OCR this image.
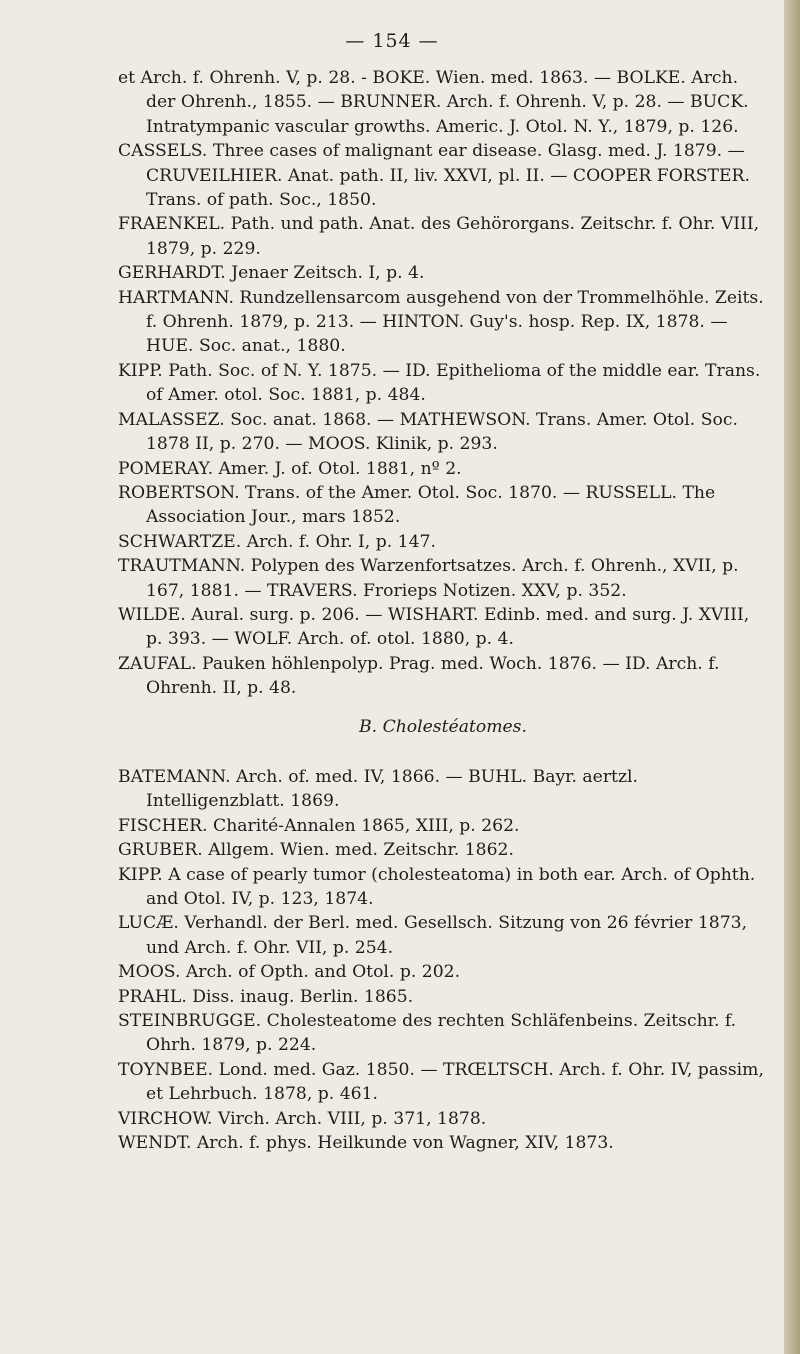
— 154 —
et Arch. f. Ohrenh. V, p. 28. - BOKE. Wien. med. 1863. — BOLKE. Arch. der Ohrenh., 1855. — BRUNNER. Arch. f. Ohrenh. V, p. 28. — BUCK. Intratympanic vascular growths. Americ. J. Otol. N. Y., 1879, p. 126.
CASSELS. Three cases of malignant ear disease. Glasg. med. J. 1879. — CRUVEILHIER. Anat. path. II, liv. XXVI, pl. II. — COOPER FORSTER. Trans. of path. Soc., 1850.
FRAENKEL. Path. und path. Anat. des Gehörorgans. Zeitschr. f. Ohr. VIII, 1879, p. 229.
GERHARDT. Jenaer Zeitsch. I, p. 4.
HARTMANN. Rundzellensarcom ausgehend von der Trommelhöhle. Zeits. f. Ohrenh. 1879, p. 213. — HINTON. Guy's. hosp. Rep. IX, 1878. — HUE. Soc. anat., 1880.
KIPP. Path. Soc. of N. Y. 1875. — ID. Epithelioma of the middle ear. Trans. of Amer. otol. Soc. 1881, p. 484.
MALASSEZ. Soc. anat. 1868. — MATHEWSON. Trans. Amer. Otol. Soc. 1878 II, p. 270. — MOOS. Klinik, p. 293.
POMERAY. Amer. J. of. Otol. 1881, nº 2.
ROBERTSON. Trans. of the Amer. Otol. Soc. 1870. — RUSSELL. The Association Jour., mars 1852.
SCHWARTZE. Arch. f. Ohr. I, p. 147.
TRAUTMANN. Polypen des Warzenfortsatzes. Arch. f. Ohrenh., XVII, p. 167, 1881. — TRAVERS. Frorieps Notizen. XXV, p. 352.
WILDE. Aural. surg. p. 206. — WISHART. Edinb. med. and surg. J. XVIII, p. 393. — WOLF. Arch. of. otol. 1880, p. 4.
ZAUFAL. Pauken höhlenpolyp. Prag. med. Woch. 1876. — ID. Arch. f. Ohrenh. II, p. 48.
B. Cholestéatomes.
BATEMANN. Arch. of. med. IV, 1866. — BUHL. Bayr. aertzl. Intelligenzblatt. 1869.
FISCHER. Charité-Annalen 1865, XIII, p. 262.
GRUBER. Allgem. Wien. med. Zeitschr. 1862.
KIPP. A case of pearly tumor (cholesteatoma) in both ear. Arch. of Ophth. and Otol. IV, p. 123, 1874.
LUCÆ. Verhandl. der Berl. med. Gesellsch. Sitzung von 26 février 1873, und Arch. f. Ohr. VII, p. 254.
MOOS. Arch. of Opth. and Otol. p. 202.
PRAHL. Diss. inaug. Berlin. 1865.
STEINBRUGGE. Cholesteatome des rechten Schläfenbeins. Zeitschr. f. Ohrh. 1879, p. 224.
TOYNBEE. Lond. med. Gaz. 1850. — TRŒLTSCH. Arch. f. Ohr. IV, passim, et Lehrbuch. 1878, p. 461.
VIRCHOW. Virch. Arch. VIII, p. 371, 1878.
WENDT. Arch. f. phys. Heilkunde von Wagner, XIV, 1873.
